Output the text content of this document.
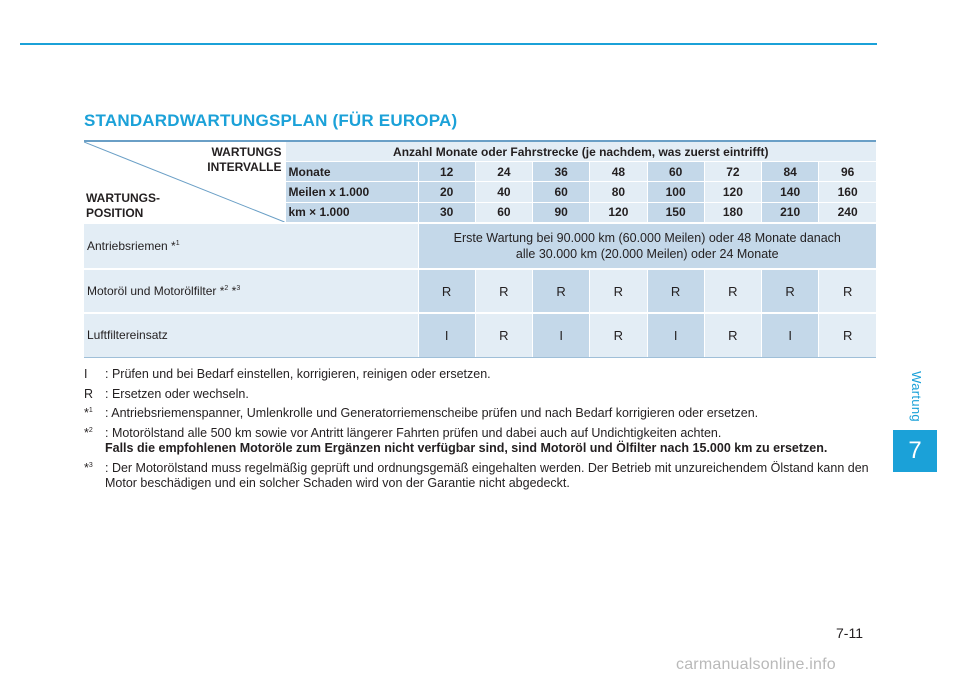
Wartung
7
7-11
STANDARDWARTUNGSPLAN (FÜR EUROPA)
WARTUNGS
INTERVALLE
WARTUNGS-
POSITION	Anzahl Monate oder Fahrstrecke (je nachdem, was zuerst eintrifft)								
	Monate	12	24	36	48	60	72	84	96
	Meilen x 1.000	20	40	60	80	100	120	140	160
	km × 1.000	30	60	90	120	150	180	210	240
Antriebsriemen *$^1$		Erste Wartung bei 90.000 km (60.000 Meilen) oder 48 Monate danach
alle 30.000 km (20.000 Meilen) oder 24 Monate							

Motoröl und Motorölfilter *$^2$ *$^3$		R	R	R	R	R	R	R	R
Luftfiltereinsatz		I	R	I	R	I	R	I	R
I	: Prüfen und bei Bedarf einstellen, korrigieren, reinigen oder ersetzen.
R : Ersetzen oder wechseln.
*$^1$ : Antriebsriemenspanner, Umlenkrolle und Generatorriemenscheibe prüfen und nach Bedarf korrigieren oder ersetzen.
*$^2$ : Motorölstand alle 500 km sowie vor Antritt längerer Fahrten prüfen und dabei auch auf Undichtigkeiten achten.
Falls die empfohlenen Motoröle zum Ergänzen nicht verfügbar sind, sind Motoröl und Ölfilter nach 15.000 km zu ersetzen.
*$^3$ : Der Motorölstand muss regelmäßig geprüft und ordnungsgemäß eingehalten werden. Der Betrieb mit unzureichendem Ölstand kann den Motor beschädigen und ein solcher Schaden wird von der Garantie nicht abgedeckt.
carmanualsonline.info
